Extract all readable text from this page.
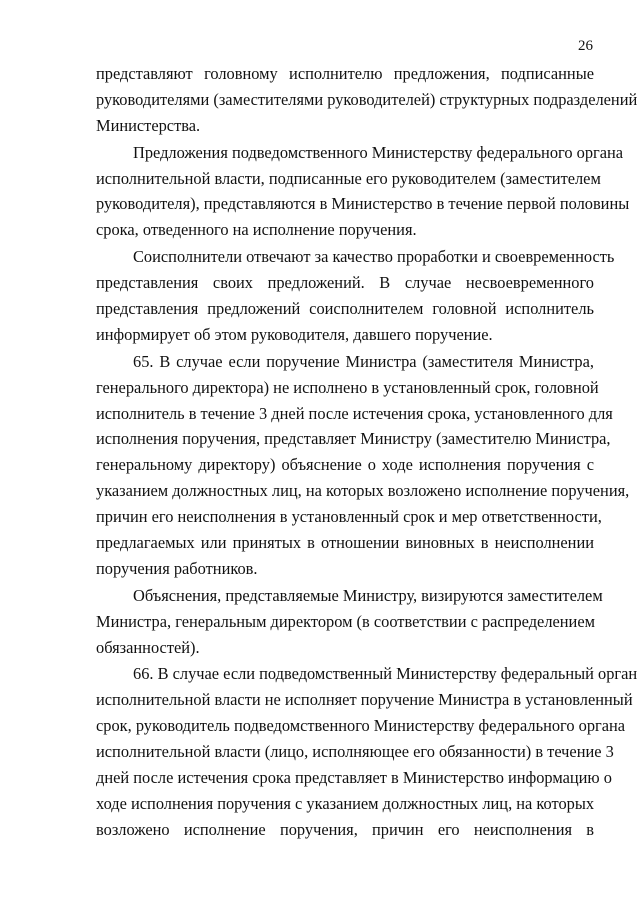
26
представляют головному исполнителю предложения, подписанные
руководителями (заместителями руководителей) структурных подразделений
Министерства.
Предложения подведомственного Министерству федерального органа
исполнительной власти, подписанные его руководителем (заместителем
руководителя), представляются в Министерство в течение первой половины
срока, отведенного на исполнение поручения.
Соисполнители отвечают за качество проработки и своевременность
представления своих предложений. В случае несвоевременного
представления предложений соисполнителем головной исполнитель
информирует об этом руководителя, давшего поручение.
65. В случае если поручение Министра (заместителя Министра,
генерального директора) не исполнено в установленный срок, головной
исполнитель в течение 3 дней после истечения срока, установленного для
исполнения поручения, представляет Министру (заместителю Министра,
генеральному директору) объяснение о ходе исполнения поручения с
указанием должностных лиц, на которых возложено исполнение поручения,
причин его неисполнения в установленный срок и мер ответственности,
предлагаемых или принятых в отношении виновных в неисполнении
поручения работников.
Объяснения, представляемые Министру, визируются заместителем
Министра, генеральным директором (в соответствии с распределением
обязанностей).
66. В случае если подведомственный Министерству федеральный орган
исполнительной власти не исполняет поручение Министра в установленный
срок, руководитель подведомственного Министерству федерального органа
исполнительной власти (лицо, исполняющее его обязанности) в течение 3
дней после истечения срока представляет в Министерство информацию о
ходе исполнения поручения с указанием должностных лиц, на которых
возложено исполнение поручения, причин его неисполнения в
